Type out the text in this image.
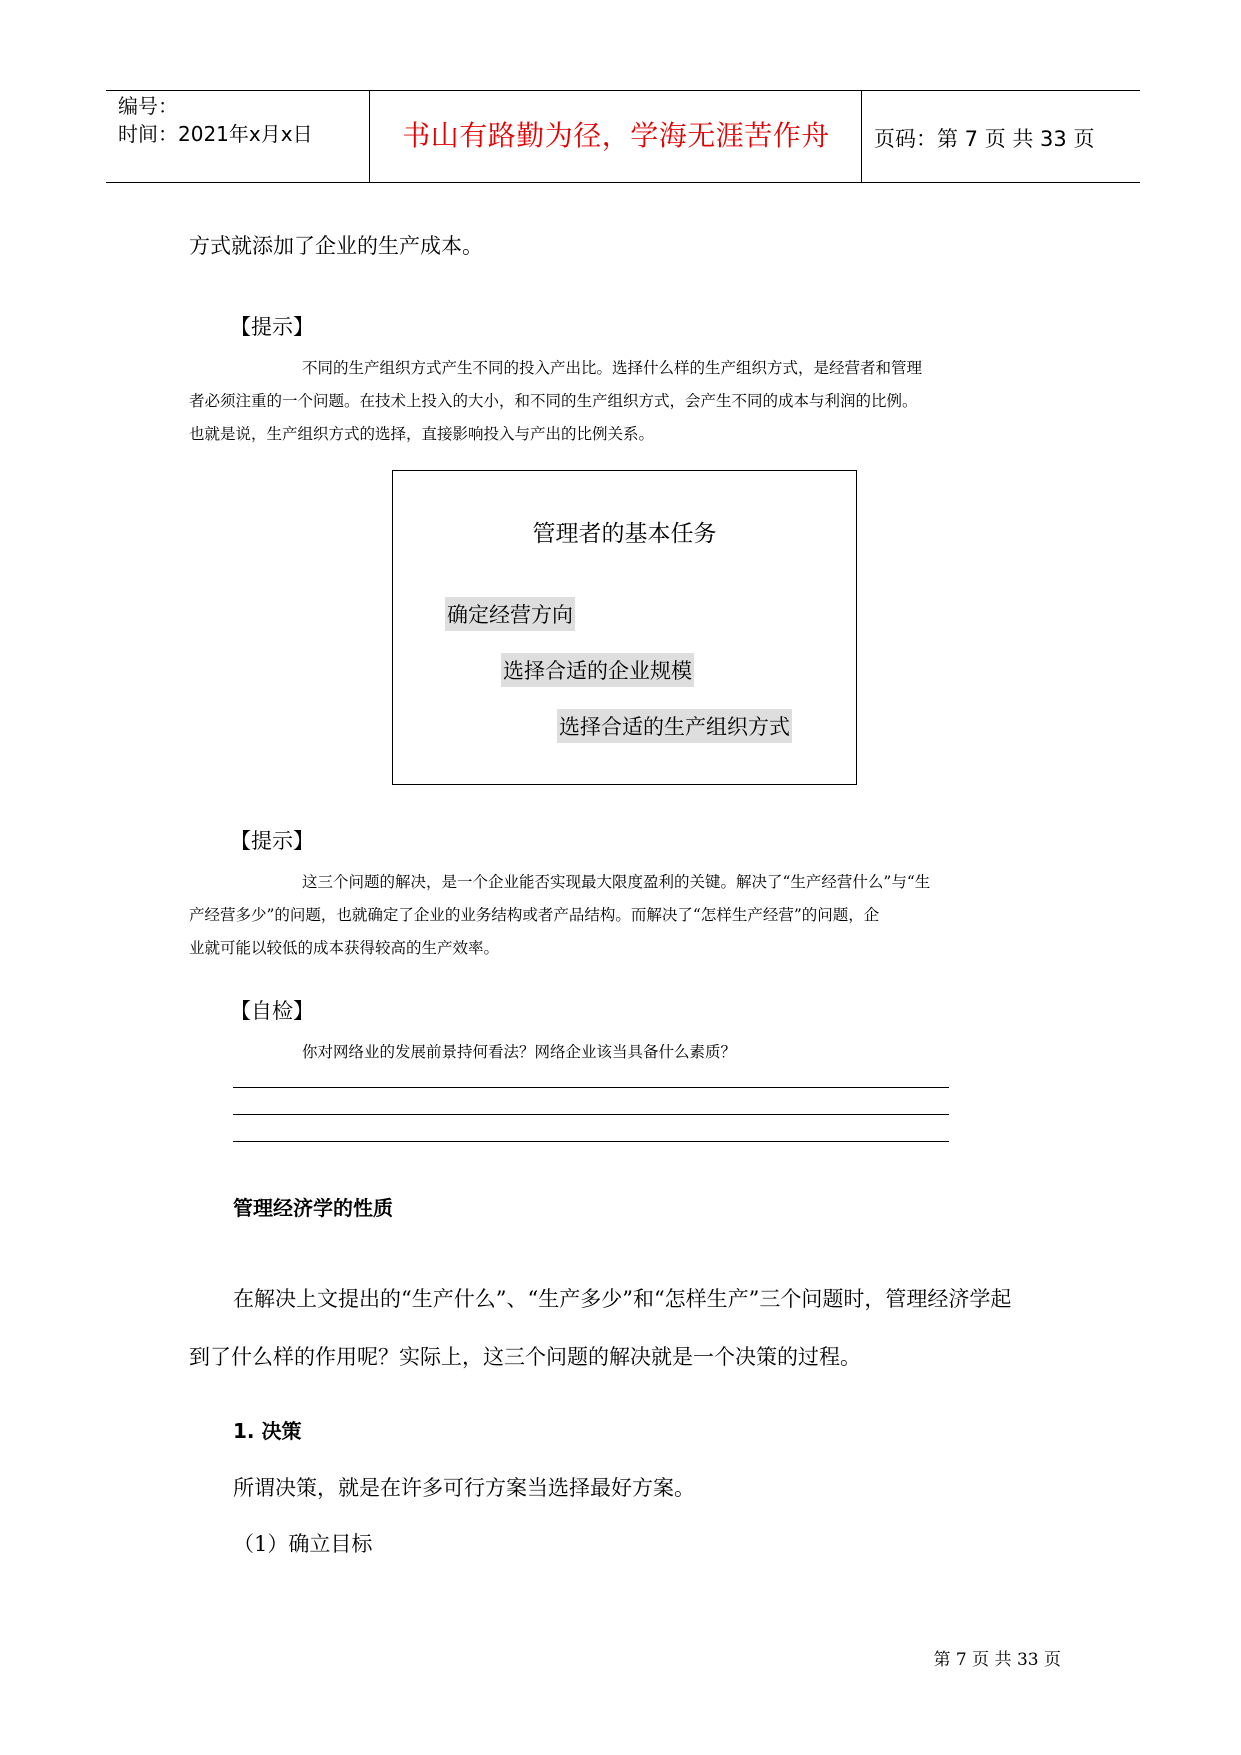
编号：
时间：2021年x月x日	书山有路勤为径，学海无涯苦作舟	页码：第 7 页 共 33 页
方式就添加了企业的生产成本。
【提示】
不同的生产组织方式产生不同的投入产出比。选择什么样的生产组织方式，是经营者和管理
者必须注重的一个问题。在技术上投入的大小，和不同的生产组织方式，会产生不同的成本与利润的比例。
也就是说，生产组织方式的选择，直接影响投入与产出的比例关系。
管理者的基本任务
确定经营方向
选择合适的企业规模
选择合适的生产组织方式
【提示】
这三个问题的解决，是一个企业能否实现最大限度盈利的关键。解决了“生产经营什么”与“生
产经营多少”的问题，也就确定了企业的业务结构或者产品结构。而解决了“怎样生产经营”的问题，企
业就可能以较低的成本获得较高的生产效率。
【自检】
你对网络业的发展前景持何看法？网络企业该当具备什么素质？
管理经济学的性质
在解决上文提出的“生产什么”、“生产多少”和“怎样生产”三个问题时，管理经济学起
到了什么样的作用呢？实际上，这三个问题的解决就是一个决策的过程。
1. 决策
所谓决策，就是在许多可行方案当选择最好方案。
（1）确立目标
第 7 页 共 33 页
